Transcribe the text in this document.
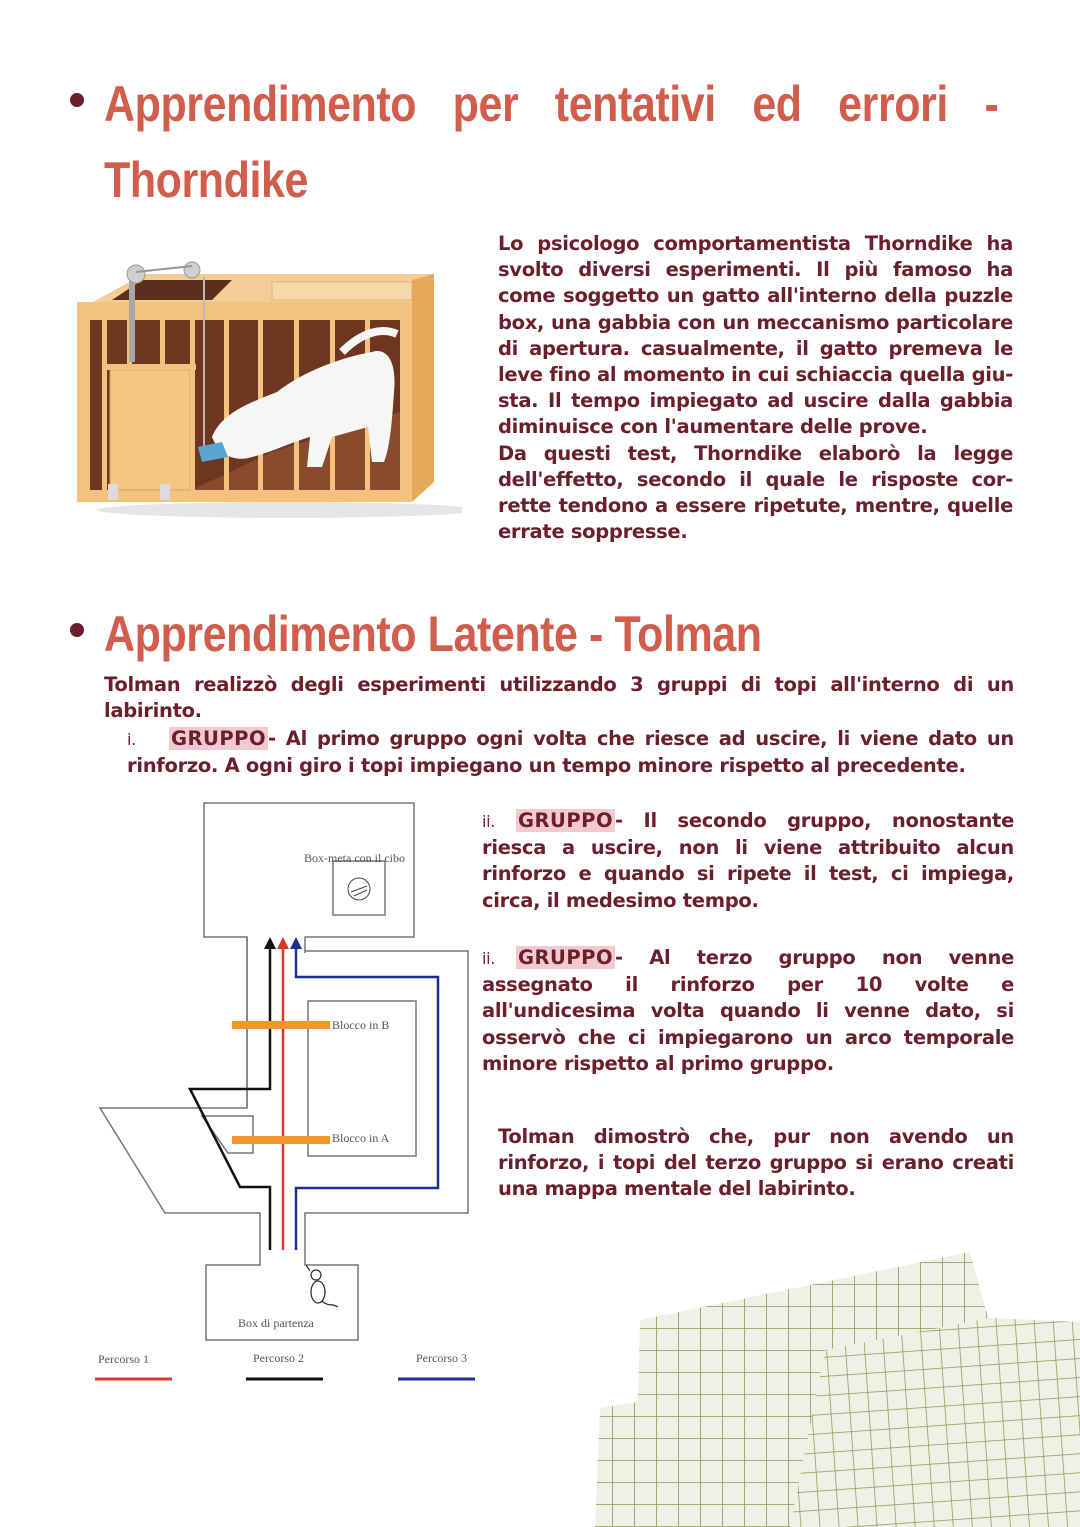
Apprendimento per tentativi ed errori -
Thorndike

Lo psicologo comportamentista Thorndike ha svolto diversi esperimenti. Il più famoso ha come soggetto un gatto all'interno della puzzle box, una gabbia con un meccanismo particolare di apertura. casualmente, il gatto premeva le leve fino al momento in cui schiaccia quella giu-sta. Il tempo impiegato ad uscire dalla gabbia diminuisce con l'aumentare delle prove.

Da questi test, Thorndike elaborò la legge dell'effetto, secondo il quale le risposte cor-rette tendono a essere ripetute, mentre, quelle errate soppresse.

Apprendimento Latente - Tolman
Tolman realizzò degli esperimenti utilizzando 3 gruppi di topi all'interno di un labirinto.
i. GRUPPO - Al primo gruppo ogni volta che riesce ad uscire, li viene dato un rinforzo. A ogni giro i topi impiegano un tempo minore rispetto al precedente.
Box-meta con il cibo
Blocco in B
Blocco in A
Box di partenza
Percorso 1	Percorso 2	Percorso 3
ii. GRUPPO - Il secondo gruppo, nonostante riesca a uscire, non li viene attribuito alcun rinforzo e quando si ripete il test, ci impiega, circa, il medesimo tempo.
ii. GRUPPO - Al terzo gruppo non venne assegnato il rinforzo per 10 volte e all'undicesima volta quando li venne dato, si osservò che ci impiegarono un arco temporale minore rispetto al primo gruppo.
Tolman dimostrò che, pur non avendo un rinforzo, i topi del terzo gruppo si erano creati una mappa mentale del labirinto.
